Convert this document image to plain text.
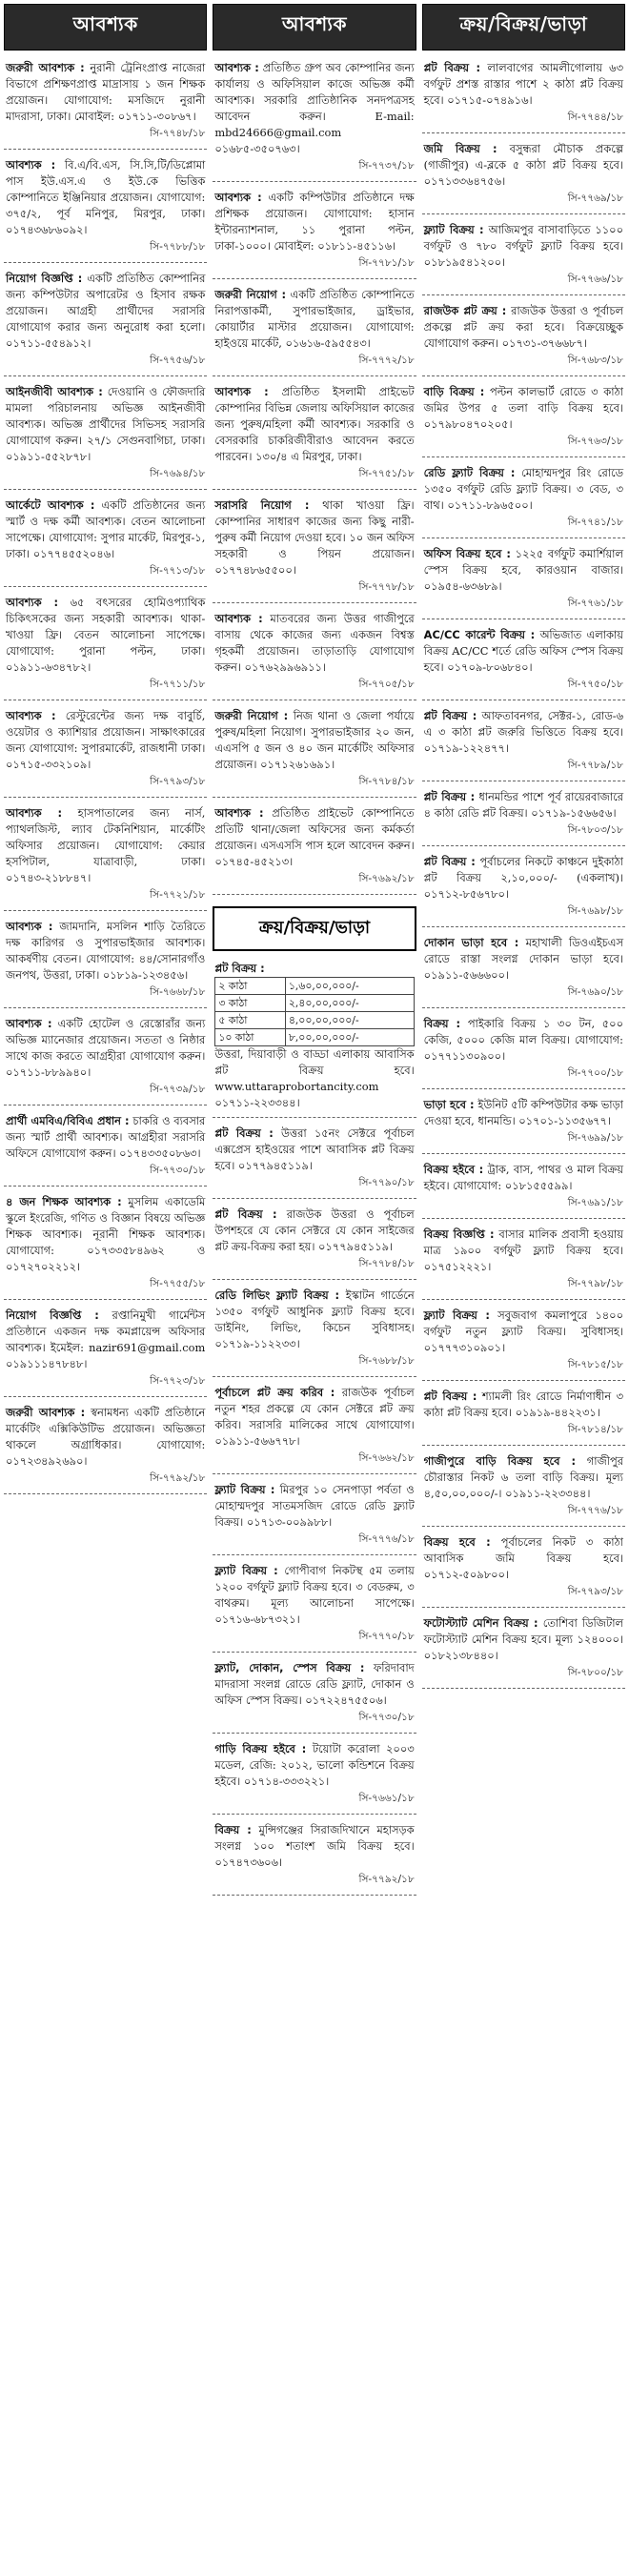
আবশ্যক
জরুরী আবশ্যক : নুরানী ট্রেনিংপ্রাপ্ত নাজেরা বিভাগে প্রশিক্ষণপ্রাপ্ত মাদ্রাসায় ১ জন শিক্ষক প্রয়োজন। যোগাযোগ: মসজিদে নুরানী মাদরাসা, ঢাকা। মোবাইল: ০১৭১১-৩০৮৬৭।
সি-৭৭৪৮/১৮
আবশ্যক : বি.এ/বি.এস, সি.সি,টি/ডিপ্লোমা পাস ইউ.এস.এ ও ইউ.কে ভিত্তিক কোম্পানিতে ইঞ্জিনিয়ার প্রয়োজন। যোগাযোগ: ৩৭৫/২, পূর্ব মনিপুর, মিরপুর, ঢাকা। ০১৭৪৩৬৮৬০৯২।
সি-৭৭৮৮/১৮
নিয়োগ বিজ্ঞপ্তি : একটি প্রতিষ্ঠিত কোম্পানির জন্য কম্পিউটার অপারেটর ও হিসাব রক্ষক প্রয়োজন। আগ্রহী প্রার্থীদের সরাসরি যোগাযোগ করার জন্য অনুরোধ করা হলো। ০১৭১১-৫৫৪৯১২।
সি-৭৭৫৬/১৮
আইনজীবী আবশ্যক : দেওয়ানি ও ফৌজদারি মামলা পরিচালনায় অভিজ্ঞ আইনজীবী আবশ্যক। অভিজ্ঞ প্রার্থীদের সিভিসহ সরাসরি যোগাযোগ করুন। ২৭/১ সেগুনবাগিচা, ঢাকা। ০১৯১১-৫৫২৮৭৮।
সি-৭৬৯৪/১৮
আর্কেটে আবশ্যক : একটি প্রতিষ্ঠানের জন্য স্মার্ট ও দক্ষ কর্মী আবশ্যক। বেতন আলোচনা সাপেক্ষে। যোগাযোগ: সুপার মার্কেট, মিরপুর-১, ঢাকা। ০১৭৭৪৫৫২০৪৬।
সি-৭৭১৩/১৮
আবশ্যক : ৬৫ বৎসরের হোমিওপ্যাথিক চিকিৎসকের জন্য সহকারী আবশ্যক। থাকা-খাওয়া ফ্রি। বেতন আলোচনা সাপেক্ষে। যোগাযোগ: পুরানা পল্টন, ঢাকা। ০১৯১১-৬৩৪৭৮২।
সি-৭৭১১/১৮
আবশ্যক : রেস্টুরেন্টের জন্য দক্ষ বাবুর্চি, ওয়েটার ও ক্যাশিয়ার প্রয়োজন। সাক্ষাৎকারের জন্য যোগাযোগ: সুপারমার্কেট, রাজধানী ঢাকা। ০১৭১৫-৩৩২১০৯।
সি-৭৭৯৩/১৮
আবশ্যক : হাসপাতালের জন্য নার্স, প্যাথলজিস্ট, ল্যাব টেকনিশিয়ান, মার্কেটিং অফিসার প্রয়োজন। যোগাযোগ: কেয়ার হসপিটাল, যাত্রাবাড়ী, ঢাকা। ০১৭৪৩-২১৮৮৪৭।
সি-৭৭২১/১৮
আবশ্যক : জামদানি, মসলিন শাড়ি তৈরিতে দক্ষ কারিগর ও সুপারভাইজার আবশ্যক। আকর্ষণীয় বেতন। যোগাযোগ: ৪৪/সোনারগাঁও জনপথ, উত্তরা, ঢাকা। ০১৮১৯-১২৩৪৫৬।
সি-৭৬৬৮/১৮
আবশ্যক : একটি হোটেল ও রেস্তোরাঁর জন্য অভিজ্ঞ ম্যানেজার প্রয়োজন। সততা ও নিষ্ঠার সাথে কাজ করতে আগ্রহীরা যোগাযোগ করুন। ০১৭১১-৮৮৯৯৪০।
সি-৭৭৩৯/১৮
প্রার্থী এমবিএ/বিবিএ প্রধান : চাকরি ও ব্যবসার জন্য স্মার্ট প্রার্থী আবশ্যক। আগ্রহীরা সরাসরি অফিসে যোগাযোগ করুন। ০১৭৪৩৩৫০৮৬৩।
সি-৭৭৩০/১৮
৪ জন শিক্ষক আবশ্যক : মুসলিম একাডেমি স্কুলে ইংরেজি, গণিত ও বিজ্ঞান বিষয়ে অভিজ্ঞ শিক্ষক আবশ্যক। নূরানী শিক্ষক আবশ্যক। যোগাযোগ: ০১৭৩৩৫৮৪৯৬২ ও ০১৭২৭০২২১২।
সি-৭৭৫৫/১৮
নিয়োগ বিজ্ঞপ্তি : রপ্তানিমুখী গার্মেন্টস প্রতিষ্ঠানে একজন দক্ষ কমপ্লায়েন্স অফিসার আবশ্যক। ইমেইল: nazir691@gmail.com ০১৯১১১৪৭৮৪৮।
সি-৭৭২৩/১৮
জরুরী আবশ্যক : স্বনামধন্য একটি প্রতিষ্ঠানে মার্কেটিং এক্সিকিউটিভ প্রয়োজন। অভিজ্ঞতা থাকলে অগ্রাধিকার। যোগাযোগ: ০১৭২৩৪৯২৬৯০।
সি-৭৭৯২/১৮
আবশ্যক
আবশ্যক : প্রতিষ্ঠিত গ্রুপ অব কোম্পানির জন্য কার্যালয় ও অফিসিয়াল কাজে অভিজ্ঞ কর্মী আবশ্যক। সরকারি প্রাতিষ্ঠানিক সনদপত্রসহ আবেদন করুন। E-mail: mbd24666@gmail.com ০১৬৮৫-৩৫০৭৬৩।
সি-৭৭৩৭/১৮
আবশ্যক : একটি কম্পিউটার প্রতিষ্ঠানে দক্ষ প্রশিক্ষক প্রয়োজন। যোগাযোগ: হাসান ইন্টারন্যাশনাল, ১১ পুরানা পল্টন, ঢাকা-১০০০। মোবাইল: ০১৮১১-৪৫১১৬।
সি-৭৭৮১/১৮
জরুরী নিয়োগ : একটি প্রতিষ্ঠিত কোম্পানিতে নিরাপত্তাকর্মী, সুপারভাইজার, ড্রাইভার, কোয়ার্টার মাস্টার প্রয়োজন। যোগাযোগ: হাইওয়ে মার্কেট, ০১৬১৬-৫৯৫৫৪৩।
সি-৭৭৭২/১৮
আবশ্যক : প্রতিষ্ঠিত ইসলামী প্রাইভেট কোম্পানির বিভিন্ন জেলায় অফিসিয়াল কাজের জন্য পুরুষ/মহিলা কর্মী আবশ্যক। সরকারি ও বেসরকারি চাকরিজীবীরাও আবেদন করতে পারবেন। ১৩০/৪ এ মিরপুর, ঢাকা।
সি-৭৭৫১/১৮
সরাসরি নিয়োগ : থাকা খাওয়া ফ্রি। কোম্পানির সাধারণ কাজের জন্য কিছু নারী-পুরুষ কর্মী নিয়োগ দেওয়া হবে। ১০ জন অফিস সহকারী ও পিয়ন প্রয়োজন। ০১৭৭৪৮৬৫৫০০।
সি-৭৭৭৮/১৮
আবশ্যক : মাতবরের জন্য উত্তর গাজীপুরে বাসায় থেকে কাজের জন্য একজন বিশ্বস্ত গৃহকর্মী প্রয়োজন। তাড়াতাড়ি যোগাযোগ করুন। ০১৭৬২৯৯৬৯১১।
সি-৭৭০৫/১৮
জরুরী নিয়োগ : নিজ থানা ও জেলা পর্যায়ে পুরুষ/মহিলা নিয়োগ। সুপারভাইজার ২০ জন, এএসপি ৫ জন ও ৪০ জন মার্কেটিং অফিসার প্রয়োজন। ০১৭১২৬১৬৯১।
সি-৭৭৮৪/১৮
আবশ্যক : প্রতিষ্ঠিত প্রাইভেট কোম্পানিতে প্রতিটি থানা/জেলা অফিসের জন্য কর্মকর্তা প্রয়োজন। এসএসসি পাস হলে আবেদন করুন। ০১৭৪৫-৪৫২১৩।
সি-৭৬৯২/১৮
ক্রয়/বিক্রয়/ভাড়া
প্লট বিক্রয় :
২ কাঠা	১,৬০,০০,০০০/-
৩ কাঠা	২,৪০,০০,০০০/-
৫ কাঠা	৪,০০,০০,০০০/-
১০ কাঠা	৮,০০,০০,০০০/-
উত্তরা, দিয়াবাড়ী ও বাড্ডা এলাকায় আবাসিক প্লট বিক্রয় হবে। www.uttaraprobortancity.com ০১৭১১-২২৩৩৪৪।
প্লট বিক্রয় : উত্তরা ১৫নং সেক্টরে পূর্বাচল এক্সপ্রেস হাইওয়ের পাশে আবাসিক প্লট বিক্রয় হবে। ০১৭৭৯৪৫১১৯।
সি-৭৭৯০/১৮
প্লট বিক্রয় : রাজউক উত্তরা ও পূর্বাচল উপশহরে যে কোন সেক্টরে যে কোন সাইজের প্লট ক্রয়-বিক্রয় করা হয়। ০১৭৭৯৪৫১১৯।
সি-৭৭৮৪/১৮
রেডি লিভিং ফ্ল্যাট বিক্রয় : ইস্কাটন গার্ডেনে ১৩৫০ বর্গফুট আধুনিক ফ্ল্যাট বিক্রয় হবে। ডাইনিং, লিভিং, কিচেন সুবিধাসহ। ০১৭১৯-১১২২৩৩।
সি-৭৬৮৮/১৮
পূর্বাচলে প্লট ক্রয় করিব : রাজউক পূর্বাচল নতুন শহর প্রকল্পে যে কোন সেক্টরে প্লট ক্রয় করিব। সরাসরি মালিকের সাথে যোগাযোগ। ০১৯১১-৫৬৬৭৭৮।
সি-৭৬৬২/১৮
ফ্ল্যাট বিক্রয় : মিরপুর ১০ সেনপাড়া পর্বতা ও মোহাম্মদপুর সাতমসজিদ রোডে রেডি ফ্ল্যাট বিক্রয়। ০১৭১৩-০০৯৯৮৮।
সি-৭৭৭৬/১৮
ফ্ল্যাট বিক্রয় : গোপীবাগ নিকটস্থ ৫ম তলায় ১২০০ বর্গফুট ফ্ল্যাট বিক্রয় হবে। ৩ বেডরুম, ৩ বাথরুম। মূল্য আলোচনা সাপেক্ষে। ০১৭১৬-৬৮৭৩২১।
সি-৭৭৭০/১৮
ফ্ল্যাট, দোকান, স্পেস বিক্রয় : ফরিদাবাদ মাদরাসা সংলগ্ন রোডে রেডি ফ্ল্যাট, দোকান ও অফিস স্পেস বিক্রয়। ০১৭২২৪৭৫৫০৬।
সি-৭৭৩০/১৮
গাড়ি বিক্রয় হইবে : টয়োটা করোলা ২০০৩ মডেল, রেজি: ২০১২, ভালো কন্ডিশনে বিক্রয় হইবে। ০১৭১৪-৩৩৩২২১।
সি-৭৬৬১/১৮
বিক্রয় : মুন্সিগঞ্জের সিরাজদিখানে মহাসড়ক সংলগ্ন ১০০ শতাংশ জমি বিক্রয় হবে। ০১৭৪৭৩৬০৬।
সি-৭৭৯২/১৮
ক্রয়/বিক্রয়/ভাড়া
প্লট বিক্রয় : লালবাগের আমলীগোলায় ৬৩ বর্গফুট প্রশস্ত রাস্তার পাশে ২ কাঠা প্লট বিক্রয় হবে। ০১৭১৫-০৭৪৯১৬।
সি-৭৭৪৪/১৮
জমি বিক্রয় : বসুন্ধরা মৌচাক প্রকল্পে (গাজীপুর) এ-ব্লকে ৫ কাঠা প্লট বিক্রয় হবে। ০১৭১৩৩৬৪৭৫৬।
সি-৭৭৬৯/১৮
ফ্ল্যাট বিক্রয় : আজিমপুর বাসাবাড়িতে ১১০০ বর্গফুট ও ৭৮০ বর্গফুট ফ্ল্যাট বিক্রয় হবে। ০১৮১৯৫৪১২০০।
সি-৭৭৬৬/১৮
রাজউক প্লট ক্রয় : রাজউক উত্তরা ও পূর্বাচল প্রকল্পে প্লট ক্রয় করা হবে। বিক্রয়েচ্ছুক যোগাযোগ করুন। ০১৭৩১-৩৭৬৬৮৭।
সি-৭৬৮৩/১৮
বাড়ি বিক্রয় : পল্টন কালভার্ট রোডে ৩ কাঠা জমির উপর ৫ তলা বাড়ি বিক্রয় হবে। ০১৭৯৮০৪৭০২০৫।
সি-৭৭৬৩/১৮
রেডি ফ্ল্যাট বিক্রয় : মোহাম্মদপুর রিং রোডে ১৩৫০ বর্গফুট রেডি ফ্ল্যাট বিক্রয়। ৩ বেড, ৩ বাথ। ০১৭১১-৮৯৬৫০০।
সি-৭৭৪১/১৮
অফিস বিক্রয় হবে : ১২২৫ বর্গফুট কমার্শিয়াল স্পেস বিক্রয় হবে, কারওয়ান বাজার। ০১৯৫৪-৬৩৬৮৯।
সি-৭৭৬১/১৮
AC/CC কারেন্ট বিক্রয় : অভিজাত এলাকায় বিক্রয় AC/CC শর্তে রেডি অফিস স্পেস বিক্রয় হবে। ০১৭০৯-৮০৬৮৪০।
সি-৭৭৫০/১৮
প্লট বিক্রয় : আফতাবনগর, সেক্টর-১, রোড-৬ এ ৩ কাঠা প্লট জরুরি ভিত্তিতে বিক্রয় হবে। ০১৭১৯-১২২৪৭৭।
সি-৭৭৮৯/১৮
প্লট বিক্রয় : ধানমন্ডির পাশে পূর্ব রায়েরবাজারে ৪ কাঠা রেডি প্লট বিক্রয়। ০১৭১৯-১৫৬৬৫৬।
সি-৭৮০৩/১৮
প্লট বিক্রয় : পূর্বাচলের নিকটে কাঞ্চনে দুইকাঠা প্লট বিক্রয় ২,১০,০০০/- (একলাখ)। ০১৭১২-৮৫৬৭৮০।
সি-৭৬৯৮/১৮
দোকান ভাড়া হবে : মহাখালী ডিওএইচএস রোডে রাস্তা সংলগ্ন দোকান ভাড়া হবে। ০১৯১১-৫৬৬৬০০।
সি-৭৬৯০/১৮
বিক্রয় : পাইকারি বিক্রয় ১ ৩০ টন, ৫০০ কেজি, ৫০০০ কেজি মাল বিক্রয়। যোগাযোগ: ০১৭৭১১৩০৯০০।
সি-৭৭০০/১৮
ভাড়া হবে : ইউনিট ৫টি কম্পিউটার কক্ষ ভাড়া দেওয়া হবে, ধানমন্ডি। ০১৭০১-১১৩৫৬৭৭।
সি-৭৬৯৯/১৮
বিক্রয় হইবে : ট্রাক, বাস, পাথর ও মাল বিক্রয় হইবে। যোগাযোগ: ০১৮১৫৫৫৯৯।
সি-৭৬৯১/১৮
বিক্রয় বিজ্ঞপ্তি : বাসার মালিক প্রবাসী হওয়ায় মাত্র ১৯০০ বর্গফুট ফ্ল্যাট বিক্রয় হবে। ০১৭৫১২২২১।
সি-৭৭৯৮/১৮
ফ্ল্যাট বিক্রয় : সবুজবাগ কমলাপুরে ১৪০০ বর্গফুট নতুন ফ্ল্যাট বিক্রয়। সুবিধাসহ। ০১৭৭৭৩১০৯০১।
সি-৭৮১৫/১৮
প্লট বিক্রয় : শ্যামলী রিং রোডে নির্মাণাধীন ৩ কাঠা প্লট বিক্রয় হবে। ০১৯১৯-৪৪২২৩১।
সি-৭৮১৪/১৮
গাজীপুরে বাড়ি বিক্রয় হবে : গাজীপুর চৌরাস্তার নিকট ৬ তলা বাড়ি বিক্রয়। মূল্য ৪,৫০,০০,০০০/-। ০১৯১১-২২৩৩৪৪।
সি-৭৭৭৬/১৮
বিক্রয় হবে : পূর্বাচলের নিকট ৩ কাঠা আবাসিক জমি বিক্রয় হবে। ০১৭১২-৫০৯৮০০।
সি-৭৭৯৩/১৮
ফটোস্ট্যাট মেশিন বিক্রয় : তোশিবা ডিজিটাল ফটোস্ট্যাট মেশিন বিক্রয় হবে। মূল্য ১২৪০০০। ০১৮২১৩৮৪৪০।
সি-৭৮০০/১৮
